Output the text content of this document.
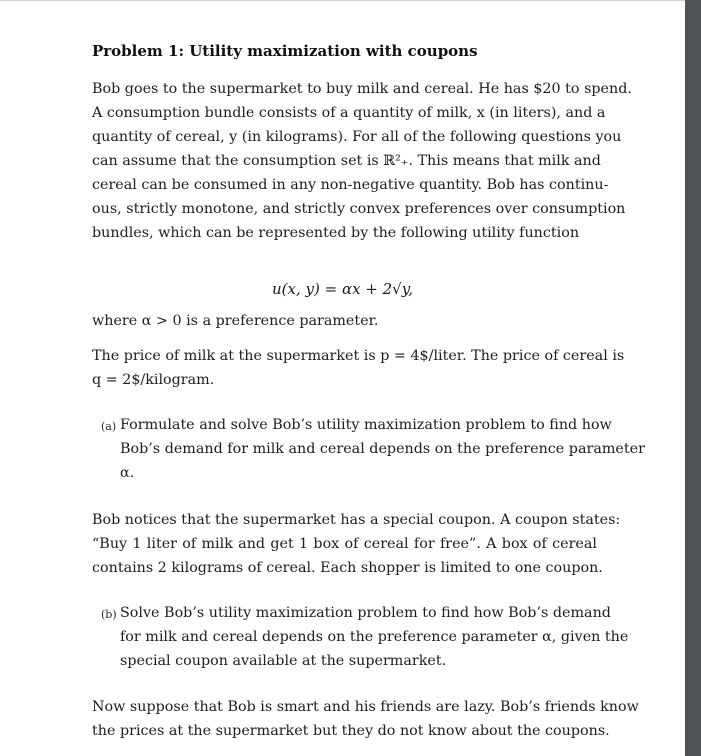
Problem 1: Utility maximization with coupons
Bob goes to the supermarket to buy milk and cereal. He has $20 to spend.
A consumption bundle consists of a quantity of milk, x (in liters), and a
quantity of cereal, y (in kilograms). For all of the following questions you
can assume that the consumption set is ℝ²₊. This means that milk and
cereal can be consumed in any non-negative quantity. Bob has continu-
ous, strictly monotone, and strictly convex preferences over consumption
bundles, which can be represented by the following utility function
u(x, y) = αx + 2√y,
where α > 0 is a preference parameter.
The price of milk at the supermarket is p = 4$/liter. The price of cereal is
q = 2$/kilogram.
(a) Formulate and solve Bob’s utility maximization problem to find how
Bob’s demand for milk and cereal depends on the preference parameter
α.
Bob notices that the supermarket has a special coupon. A coupon states:
“Buy 1 liter of milk and get 1 box of cereal for free”. A box of cereal
contains 2 kilograms of cereal. Each shopper is limited to one coupon.
(b) Solve Bob’s utility maximization problem to find how Bob’s demand
for milk and cereal depends on the preference parameter α, given the
special coupon available at the supermarket.
Now suppose that Bob is smart and his friends are lazy. Bob’s friends know
the prices at the supermarket but they do not know about the coupons.
